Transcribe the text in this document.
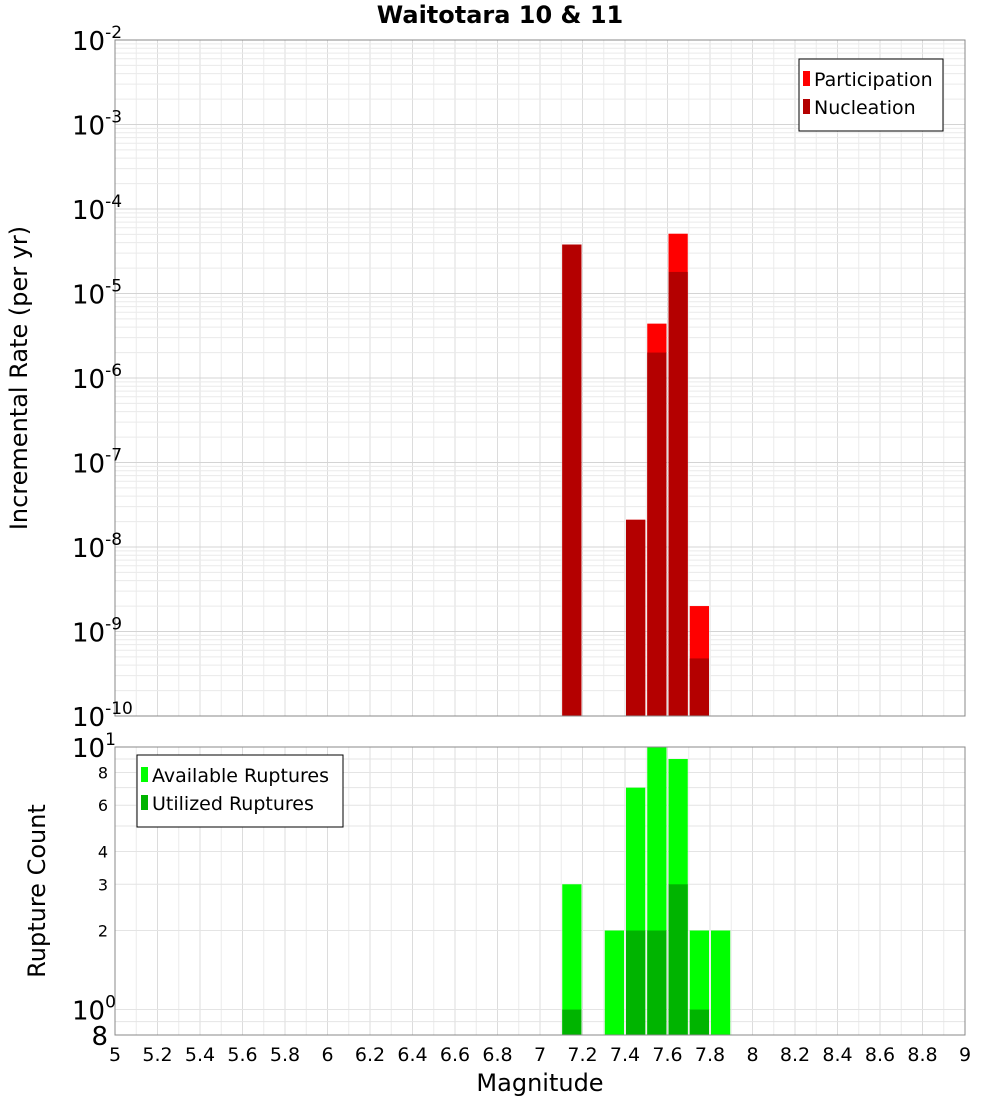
Waitotara 10 & 11
$10^{-10}$
$10^{-9}$
$10^{-8}$
$10^{-7}$
$10^{-6}$
$10^{-5}$
$10^{-4}$
$10^{-3}$
$10^{-2}$
Incremental Rate (per yr)
Participation
Nucleation
8
$10^0$
2
3
4
6
8
$10^1$
5 5.2 5.4 5.6 5.8 6 6.2 6.4 6.6 6.8 7 7.2 7.4 7.6 7.8 8 8.2 8.4 8.6 8.8 9
Rupture Count
Magnitude
Available Ruptures
Utilized Ruptures
